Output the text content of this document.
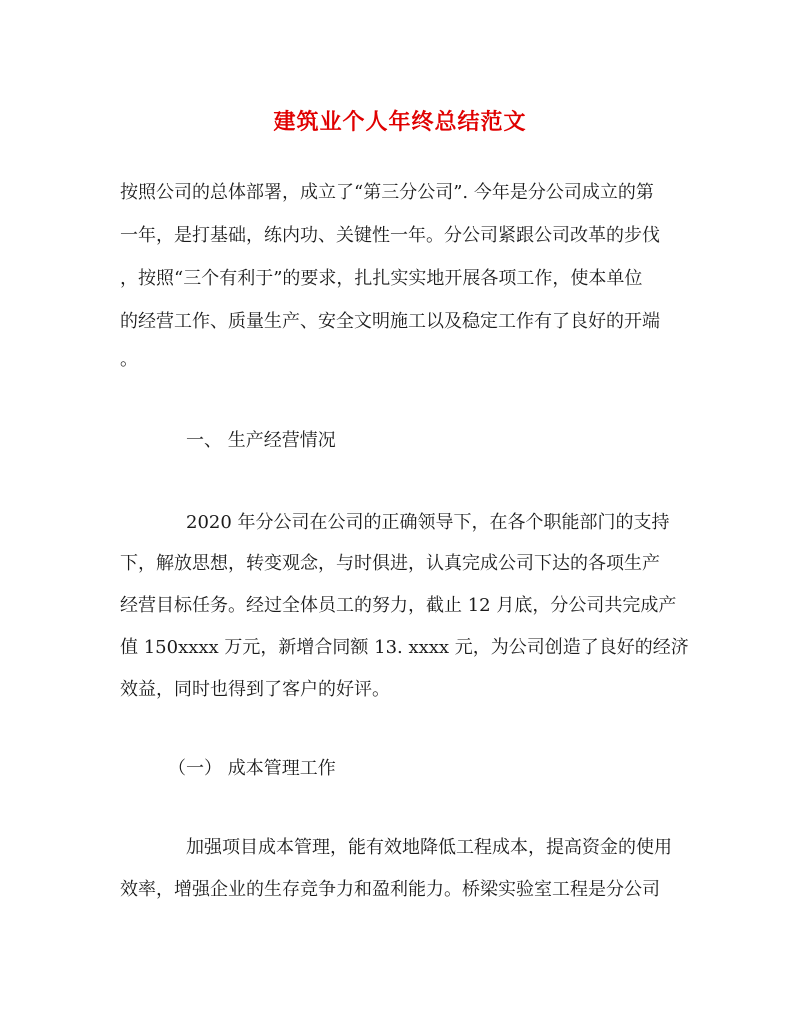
建筑业个人年终总结范文
按照公司的总体部署，成立了“第三分公司”. 今年是分公司成立的第
一年，是打基础，练内功、关键性一年。分公司紧跟公司改革的步伐
，按照“三个有利于”的要求，扎扎实实地开展各项工作，使本单位
的经营工作、质量生产、安全文明施工以及稳定工作有了良好的开端
。
一、 生产经营情况
2020 年分公司在公司的正确领导下，在各个职能部门的支持
下，解放思想，转变观念，与时俱进，认真完成公司下达的各项生产
经营目标任务。经过全体员工的努力，截止 12 月底，分公司共完成产
值 150xxxx 万元，新增合同额 13. xxxx 元，为公司创造了良好的经济
效益，同时也得到了客户的好评。
（一） 成本管理工作
加强项目成本管理，能有效地降低工程成本，提高资金的使用
效率，增强企业的生存竞争力和盈利能力。桥梁实验室工程是分公司
